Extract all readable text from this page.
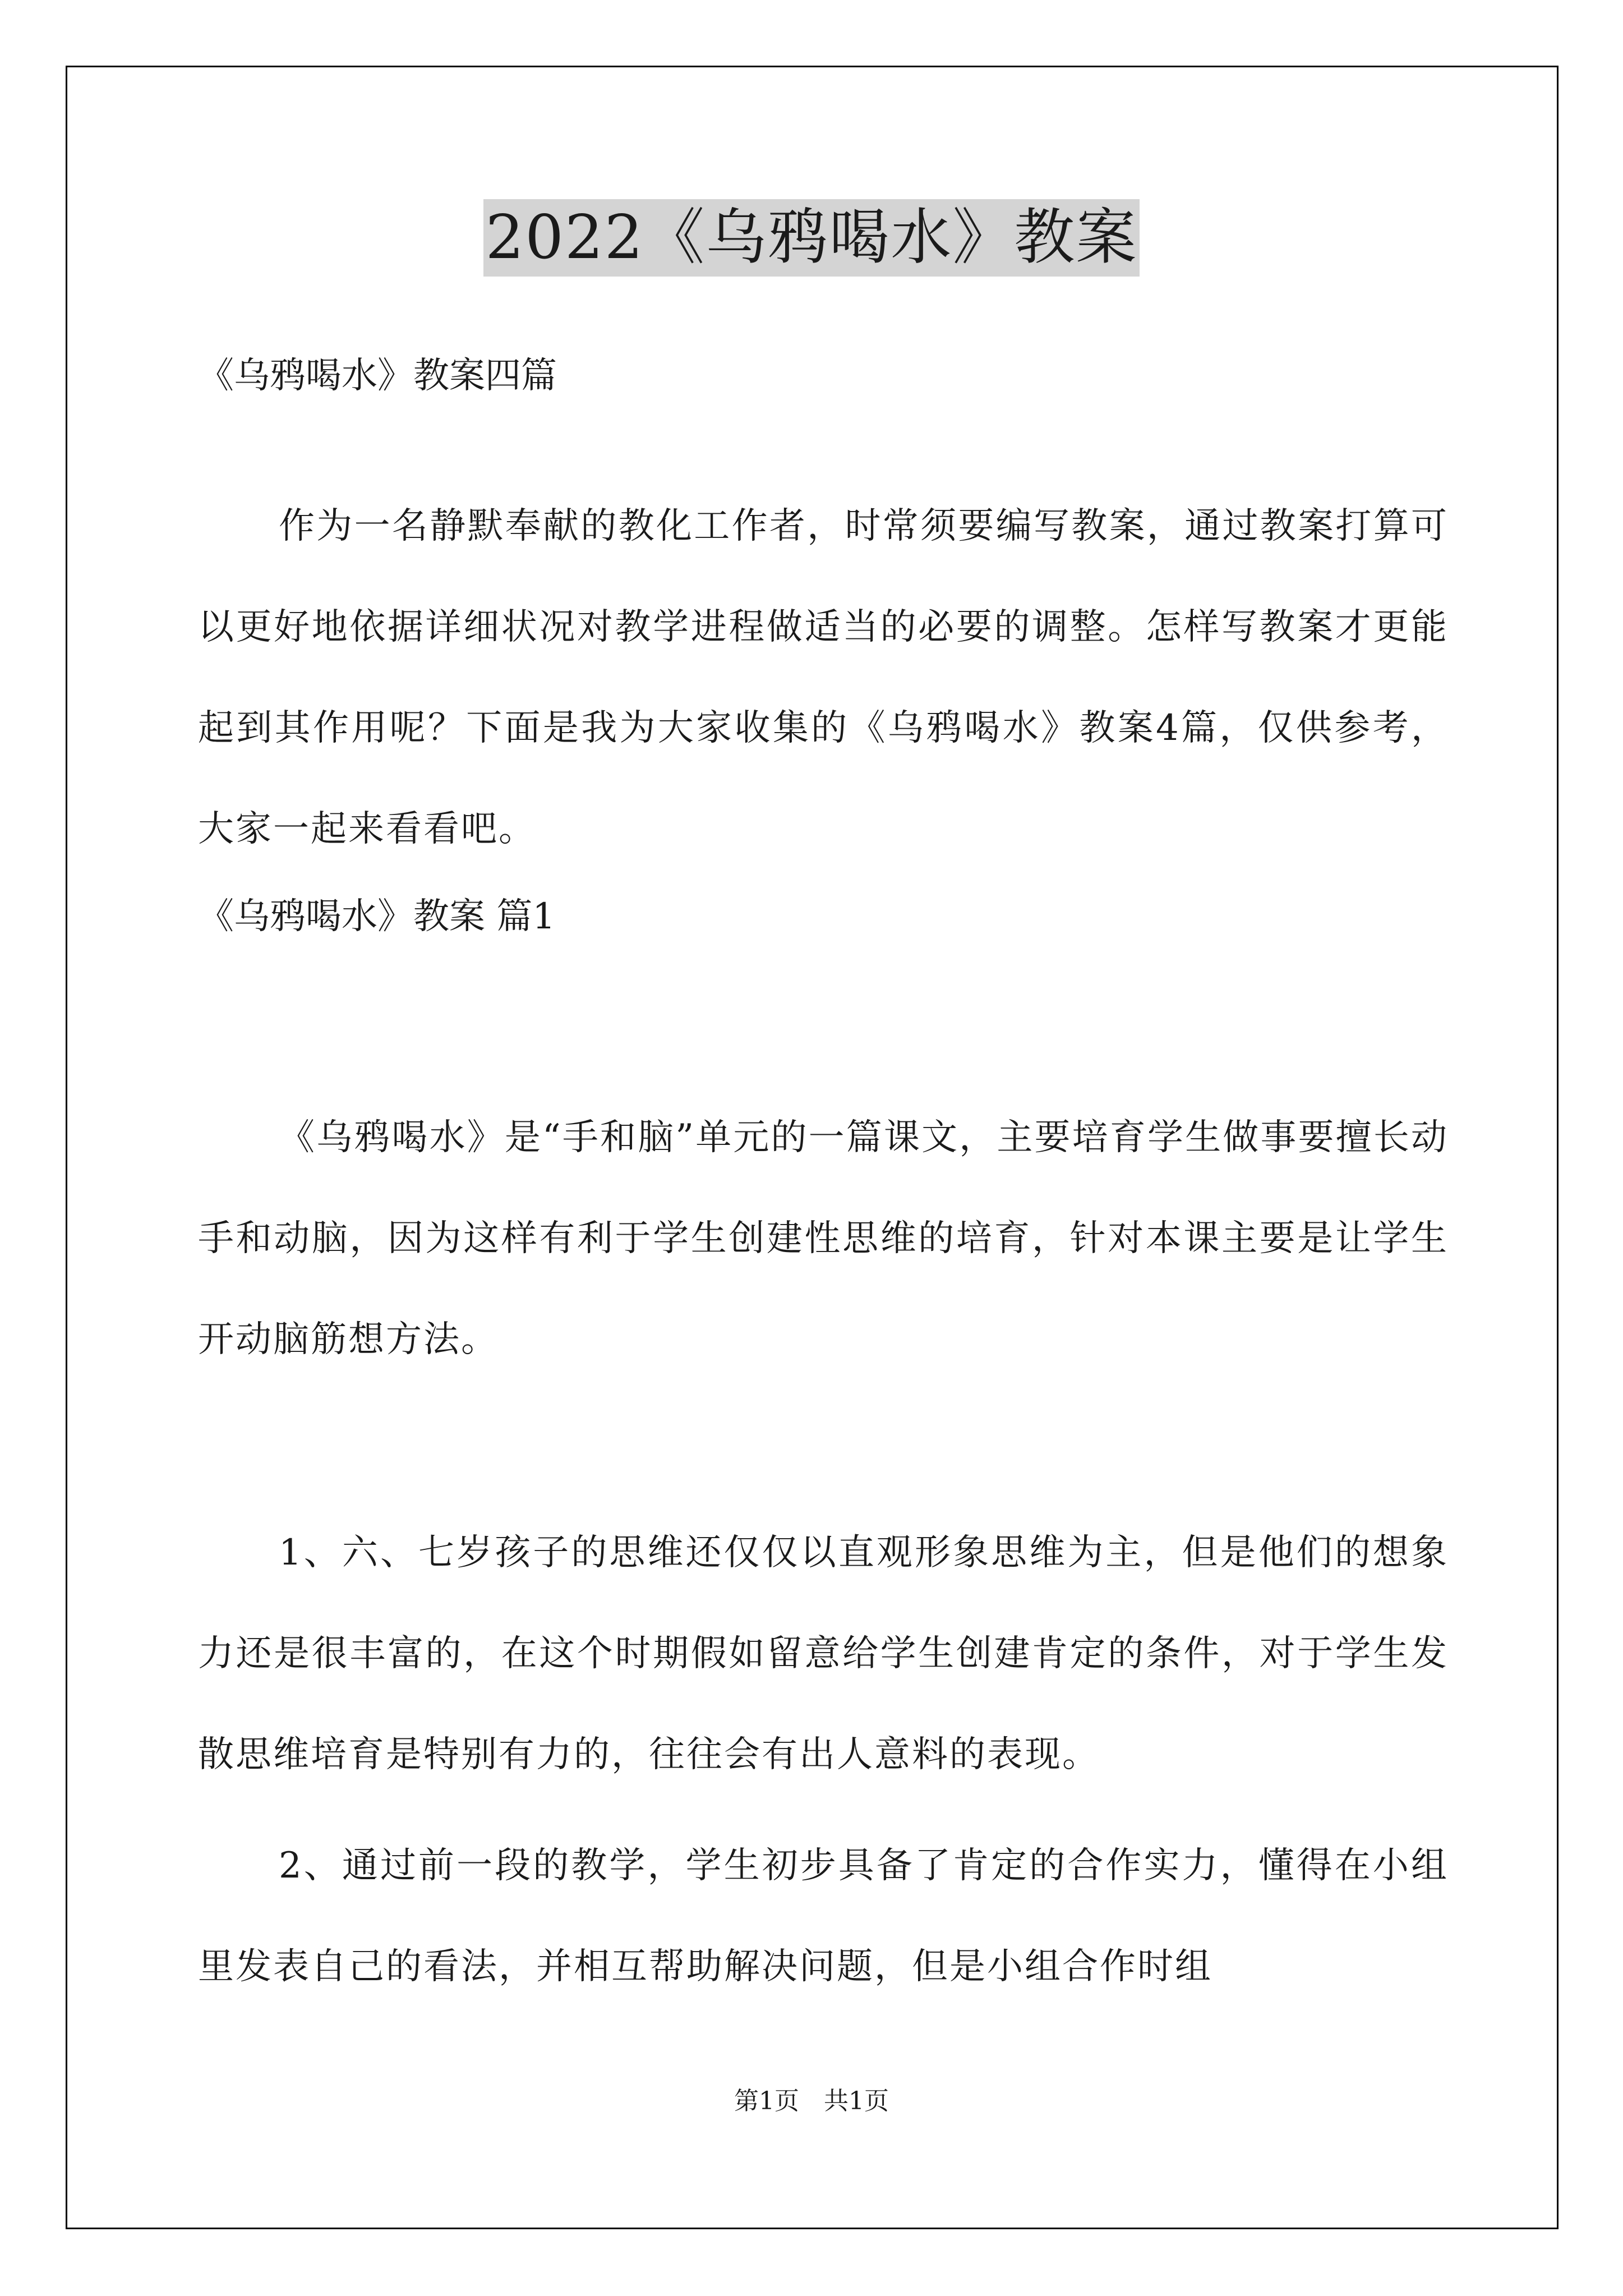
2022《乌鸦喝水》教案
《乌鸦喝水》教案四篇

作为一名静默奉献的教化工作者，时常须要编写教案，通过教案打算可以更好地依据详细状况对教学进程做适当的必要的调整。怎样写教案才更能起到其作用呢？下面是我为大家收集的《乌鸦喝水》教案4篇，仅供参考，大家一起来看看吧。

《乌鸦喝水》教案 篇1

《乌鸦喝水》是“手和脑”单元的一篇课文，主要培育学生做事要擅长动手和动脑，因为这样有利于学生创建性思维的培育，针对本课主要是让学生开动脑筋想方法。

1、六、七岁孩子的思维还仅仅以直观形象思维为主，但是他们的想象力还是很丰富的，在这个时期假如留意给学生创建肯定的条件，对于学生发散思维培育是特别有力的，往往会有出人意料的表现。

2、通过前一段的教学，学生初步具备了肯定的合作实力，懂得在小组里发表自己的看法，并相互帮助解决问题，但是小组合作时组

第1页　共1页
